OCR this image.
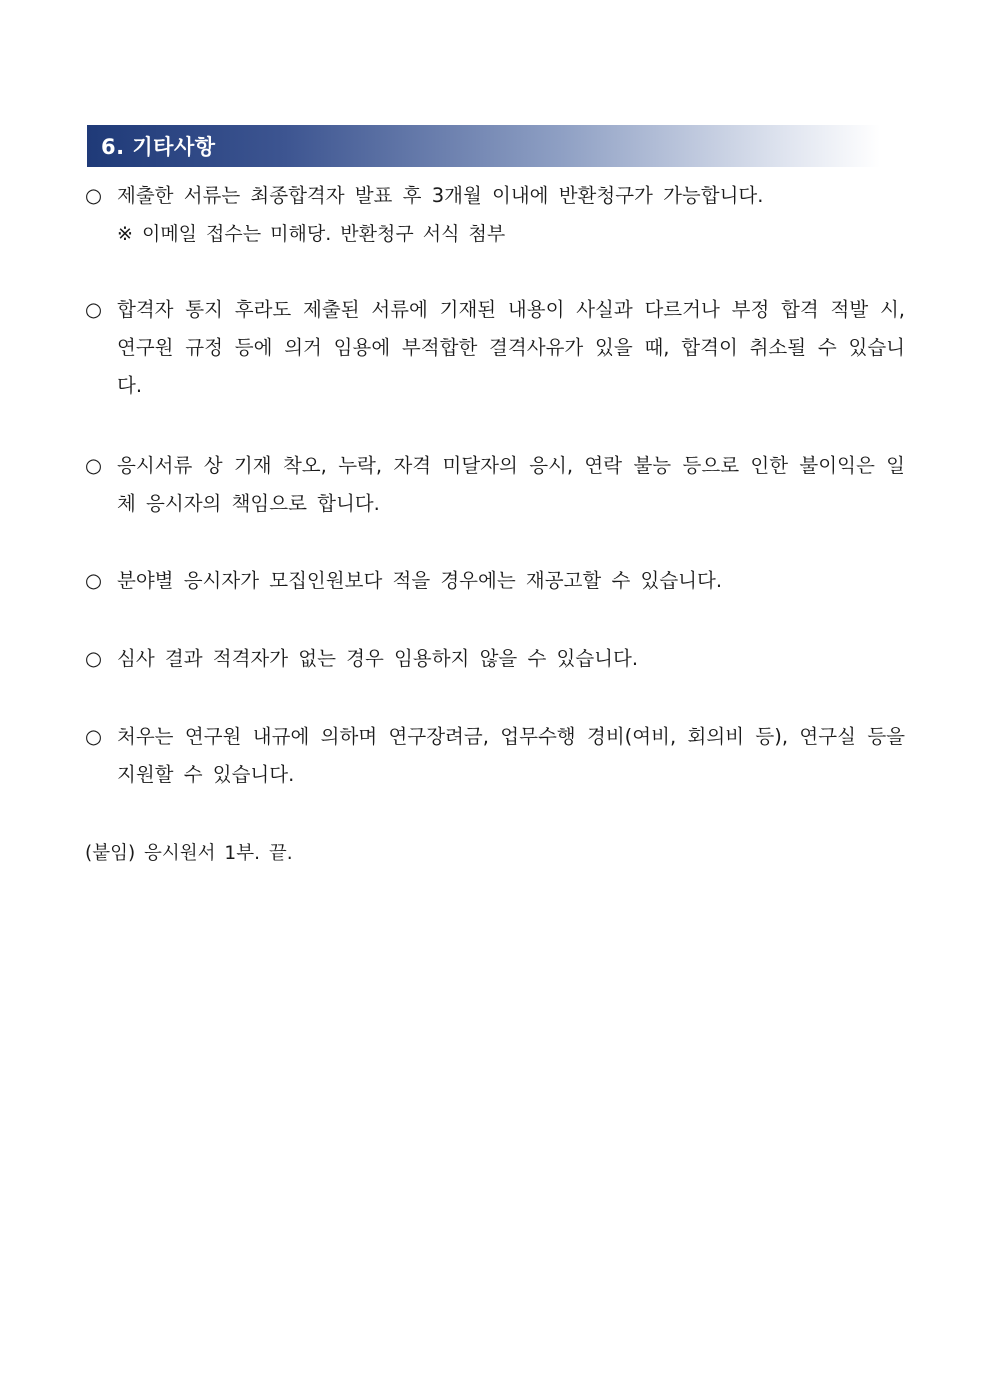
6. 기타사항
○ 제출한 서류는 최종합격자 발표 후 3개월 이내에 반환청구가 가능합니다.
※ 이메일 접수는 미해당. 반환청구 서식 첨부
○ 합격자 통지 후라도 제출된 서류에 기재된 내용이 사실과 다르거나 부정 합격 적발 시, 연구원 규정 등에 의거 임용에 부적합한 결격사유가 있을 때, 합격이 취소될 수 있습니다.
○ 응시서류 상 기재 착오, 누락, 자격 미달자의 응시, 연락 불능 등으로 인한 불이익은 일체 응시자의 책임으로 합니다.
○ 분야별 응시자가 모집인원보다 적을 경우에는 재공고할 수 있습니다.
○ 심사 결과 적격자가 없는 경우 임용하지 않을 수 있습니다.
○ 처우는 연구원 내규에 의하며 연구장려금, 업무수행 경비(여비, 회의비 등), 연구실 등을 지원할 수 있습니다.
(붙임) 응시원서 1부. 끝.
